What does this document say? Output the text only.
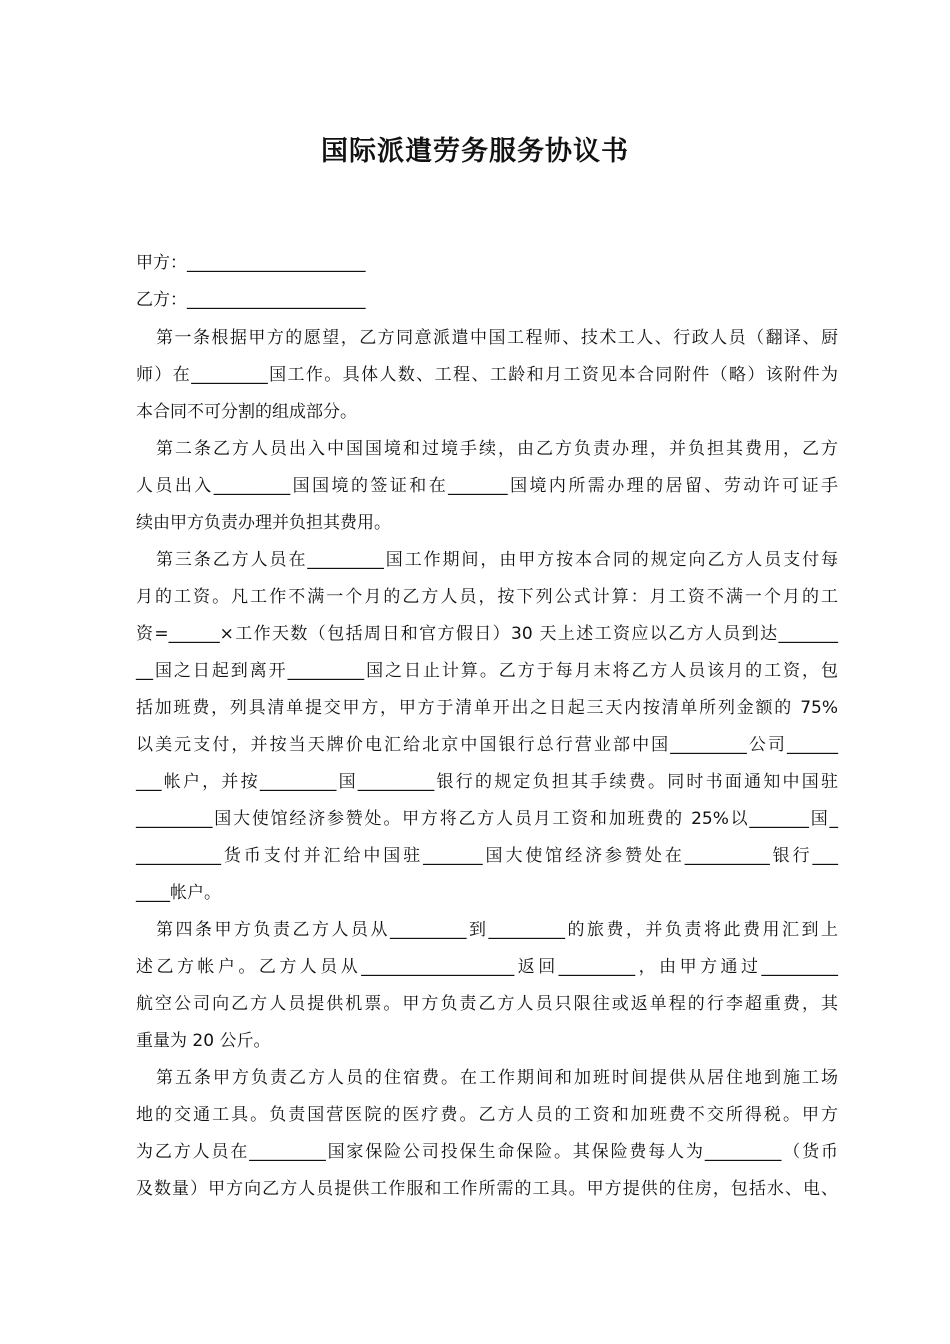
国际派遣劳务服务协议书
甲方：_____________________
乙方：_____________________
第一条根据甲方的愿望，乙方同意派遣中国工程师、技术工人、行政人员（翻译、厨
师）在_________国工作。具体人数、工程、工龄和月工资见本合同附件（略）该附件为
本合同不可分割的组成部分。
第二条乙方人员出入中国国境和过境手续，由乙方负责办理，并负担其费用，乙方
人员出入_________国国境的签证和在_______国境内所需办理的居留、劳动许可证手
续由甲方负责办理并负担其费用。
第三条乙方人员在_________国工作期间，由甲方按本合同的规定向乙方人员支付每
月的工资。凡工作不满一个月的乙方人员，按下列公式计算：月工资不满一个月的工
资=______×工作天数（包括周日和官方假日）30 天上述工资应以乙方人员到达_______
__国之日起到离开_________国之日止计算。乙方于每月末将乙方人员该月的工资，包
括加班费，列具清单提交甲方，甲方于清单开出之日起三天内按清单所列金额的 75%
以美元支付，并按当天牌价电汇给北京中国银行总行营业部中国_________公司______
___帐户，并按_________国_________银行的规定负担其手续费。同时书面通知中国驻
_________国大使馆经济参赞处。甲方将乙方人员月工资和加班费的 25%以_______国_
__________货币支付并汇给中国驻_______国大使馆经济参赞处在__________银行___
____帐户。
第四条甲方负责乙方人员从_________到_________的旅费，并负责将此费用汇到上
述乙方帐户。乙方人员从__________________返回_________，由甲方通过_________
航空公司向乙方人员提供机票。甲方负责乙方人员只限往或返单程的行李超重费，其
重量为 20 公斤。
第五条甲方负责乙方人员的住宿费。在工作期间和加班时间提供从居住地到施工场
地的交通工具。负责国营医院的医疗费。乙方人员的工资和加班费不交所得税。甲方
为乙方人员在_________国家保险公司投保生命保险。其保险费每人为_________（货币
及数量）甲方向乙方人员提供工作服和工作所需的工具。甲方提供的住房，包括水、电、
